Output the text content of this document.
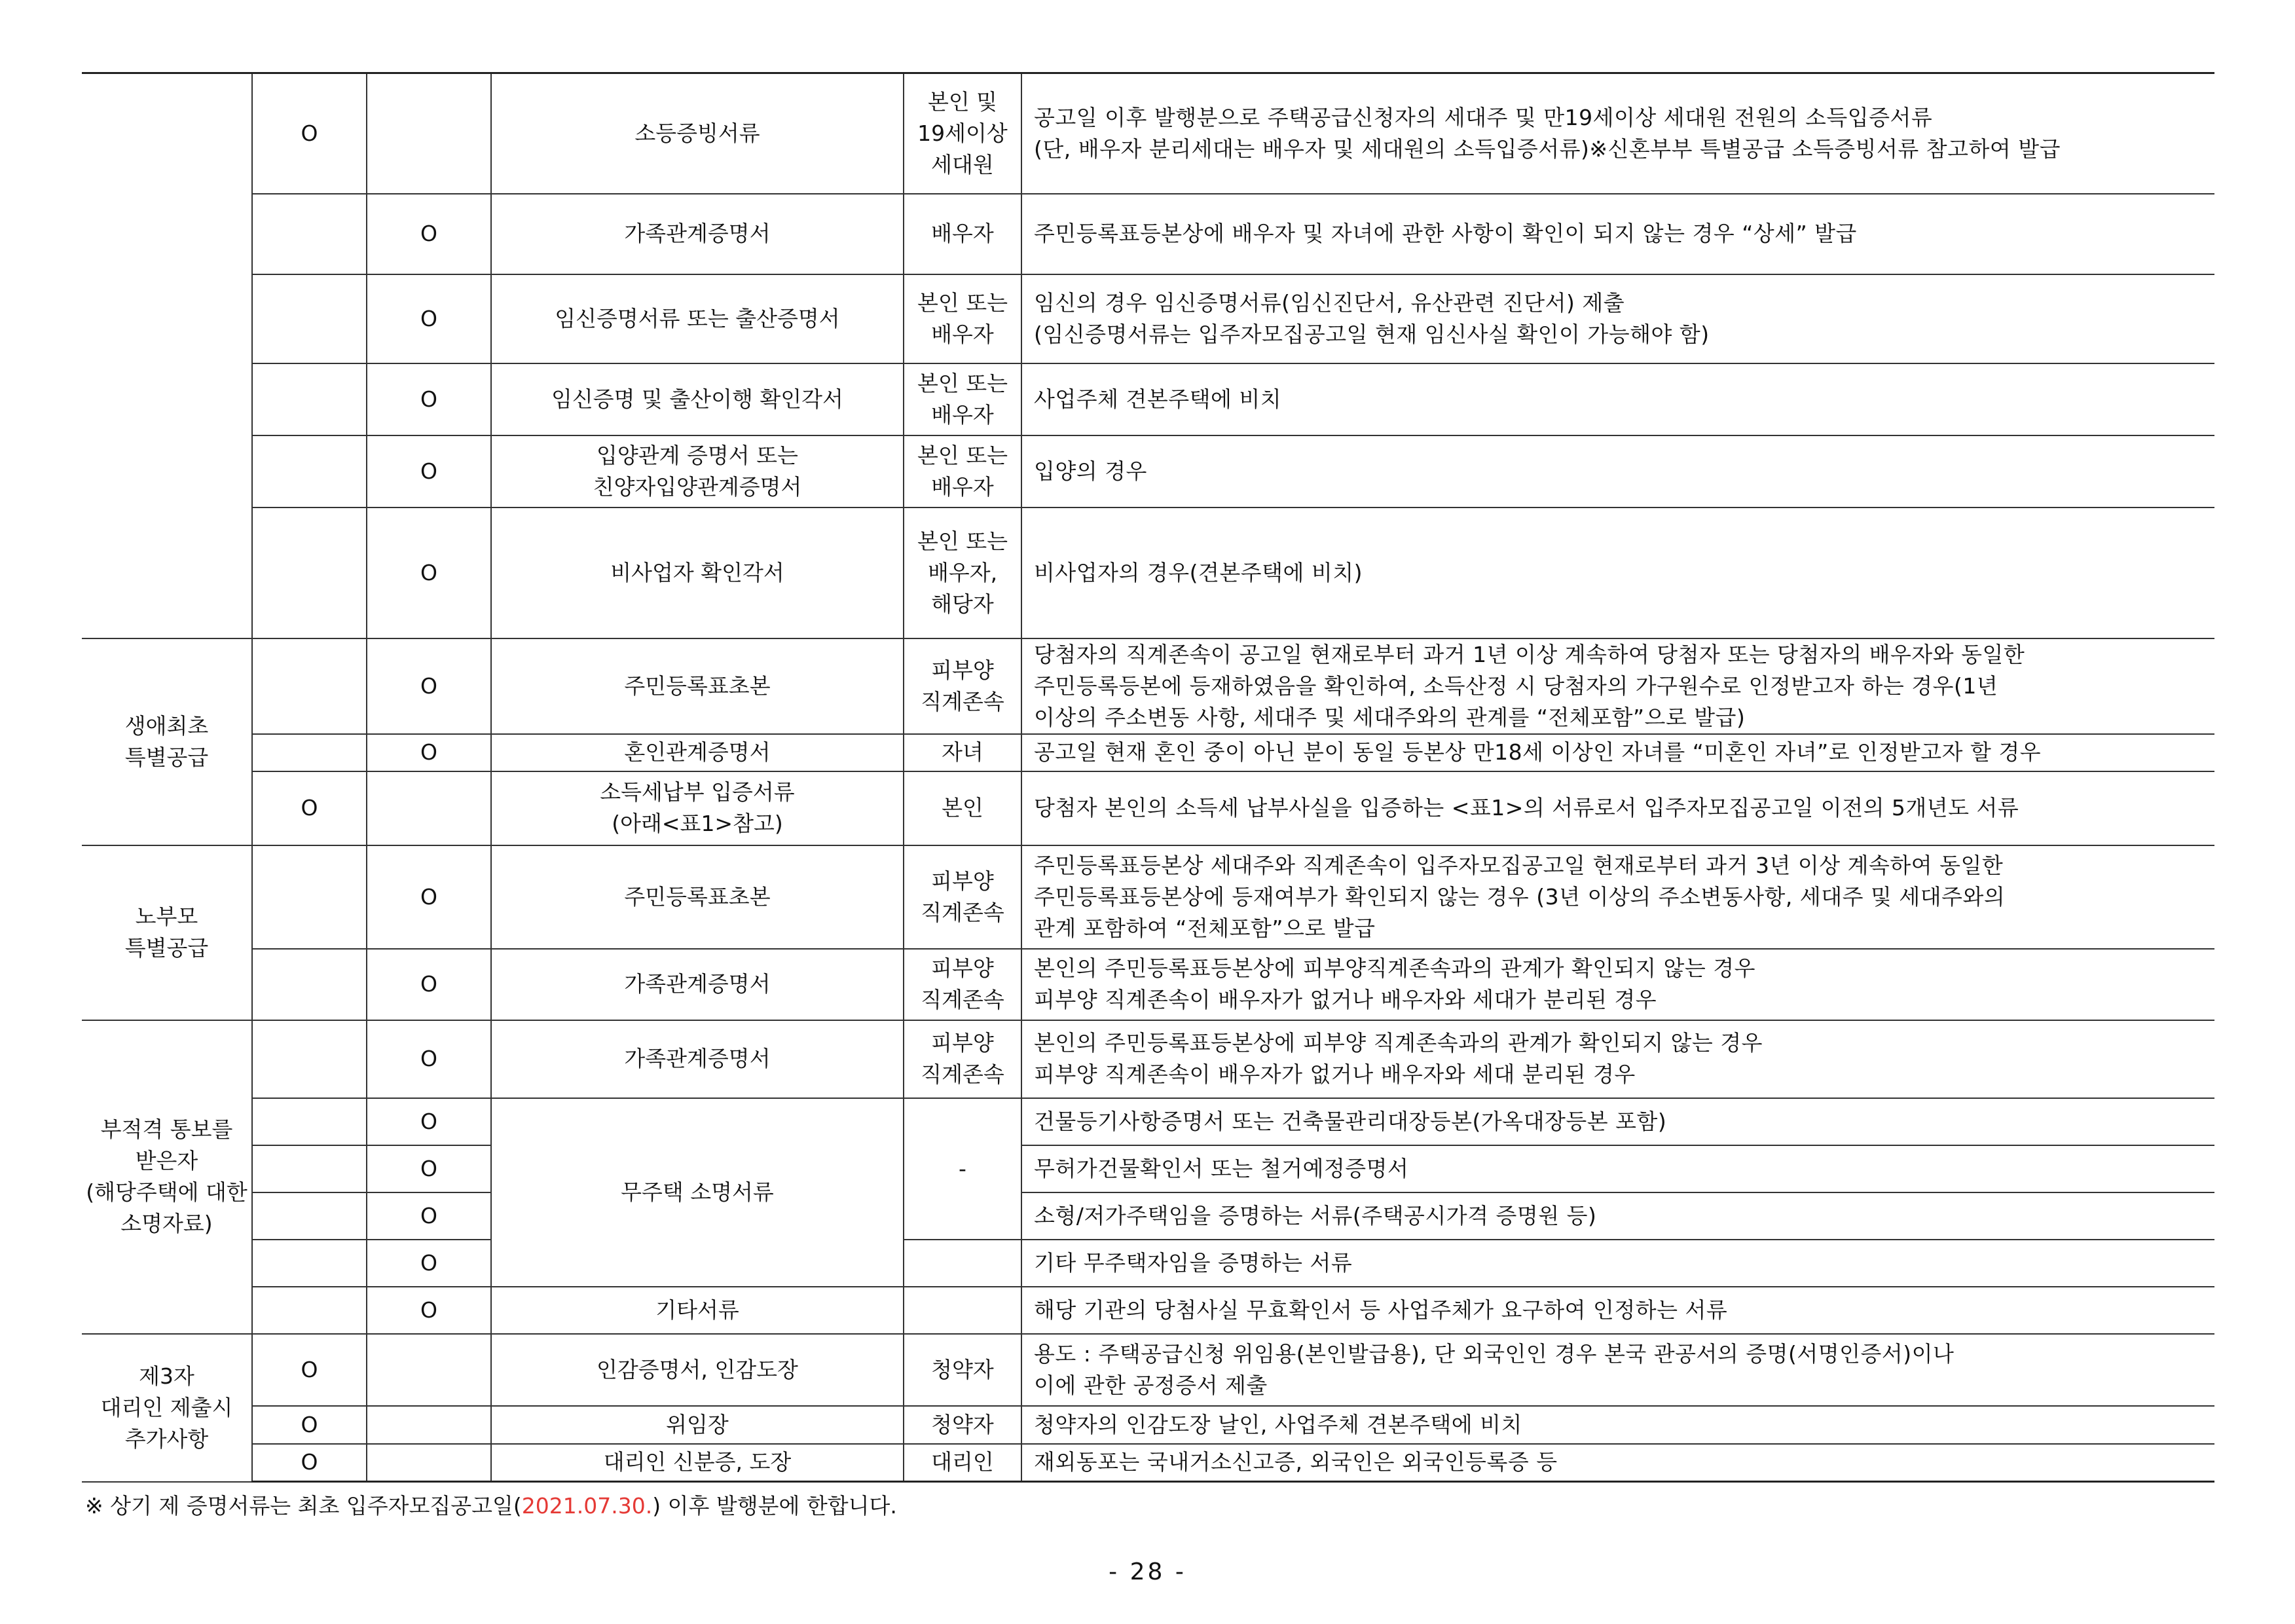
	O		소등증빙서류	본인 및
19세이상
세대원	공고일 이후 발행분으로 주택공급신청자의 세대주 및 만19세이상 세대원 전원의 소득입증서류
(단, 배우자 분리세대는 배우자 및 세대원의 소득입증서류)※신혼부부 특별공급 소득증빙서류 참고하여 발급
		O	가족관계증명서	배우자	주민등록표등본상에 배우자 및 자녀에 관한 사항이 확인이 되지 않는 경우 “상세” 발급
		O	임신증명서류 또는 출산증명서	본인 또는
배우자	임신의 경우 임신증명서류(임신진단서, 유산관련 진단서) 제출
(임신증명서류는 입주자모집공고일 현재 임신사실 확인이 가능해야 함)
		O	임신증명 및 출산이행 확인각서	본인 또는
배우자	사업주체 견본주택에 비치
		O	입양관계 증명서 또는
친양자입양관계증명서	본인 또는
배우자	입양의 경우
		O	비사업자 확인각서	본인 또는
배우자,
해당자	비사업자의 경우(견본주택에 비치)
생애최초
특별공급		O	주민등록표초본	피부양
직계존속	당첨자의 직계존속이 공고일 현재로부터 과거 1년 이상 계속하여 당첨자 또는 당첨자의 배우자와 동일한
주민등록등본에 등재하였음을 확인하여, 소득산정 시 당첨자의 가구원수로 인정받고자 하는 경우(1년
이상의 주소변동 사항, 세대주 및 세대주와의 관계를 “전체포함”으로 발급)
		O	혼인관계증명서	자녀	공고일 현재 혼인 중이 아닌 분이 동일 등본상 만18세 이상인 자녀를 “미혼인 자녀”로 인정받고자 할 경우
	O		소득세납부 입증서류
(아래<표1>참고)	본인	당첨자 본인의 소득세 납부사실을 입증하는 <표1>의 서류로서 입주자모집공고일 이전의 5개년도 서류
노부모
특별공급		O	주민등록표초본	피부양
직계존속	주민등록표등본상 세대주와 직계존속이 입주자모집공고일 현재로부터 과거 3년 이상 계속하여 동일한
주민등록표등본상에 등재여부가 확인되지 않는 경우 (3년 이상의 주소변동사항, 세대주 및 세대주와의
관계 포함하여 “전체포함”으로 발급
		O	가족관계증명서	피부양
직계존속	본인의 주민등록표등본상에 피부양직계존속과의 관계가 확인되지 않는 경우
피부양 직계존속이 배우자가 없거나 배우자와 세대가 분리된 경우
부적격 통보를
받은자
(해당주택에 대한
소명자료)		O	가족관계증명서	피부양
직계존속	본인의 주민등록표등본상에 피부양 직계존속과의 관계가 확인되지 않는 경우
피부양 직계존속이 배우자가 없거나 배우자와 세대 분리된 경우
		O	무주택 소명서류	-	건물등기사항증명서 또는 건축물관리대장등본(가옥대장등본 포함)
		O			무허가건물확인서 또는 철거예정증명서
		O			소형/저가주택임을 증명하는 서류(주택공시가격 증명원 등)
		O			기타 무주택자임을 증명하는 서류
		O	기타서류		해당 기관의 당첨사실 무효확인서 등 사업주체가 요구하여 인정하는 서류
제3자
대리인 제출시
추가사항	O		인감증명서, 인감도장	청약자	용도 : 주택공급신청 위임용(본인발급용), 단 외국인인 경우 본국 관공서의 증명(서명인증서)이나
이에 관한 공정증서 제출
	O		위임장	청약자	청약자의 인감도장 날인, 사업주체 견본주택에 비치
	O		대리인 신분증, 도장	대리인	재외동포는 국내거소신고증, 외국인은 외국인등록증 등
※ 상기 제 증명서류는 최초 입주자모집공고일(2021.07.30.) 이후 발행분에 한합니다.
- 28 -
